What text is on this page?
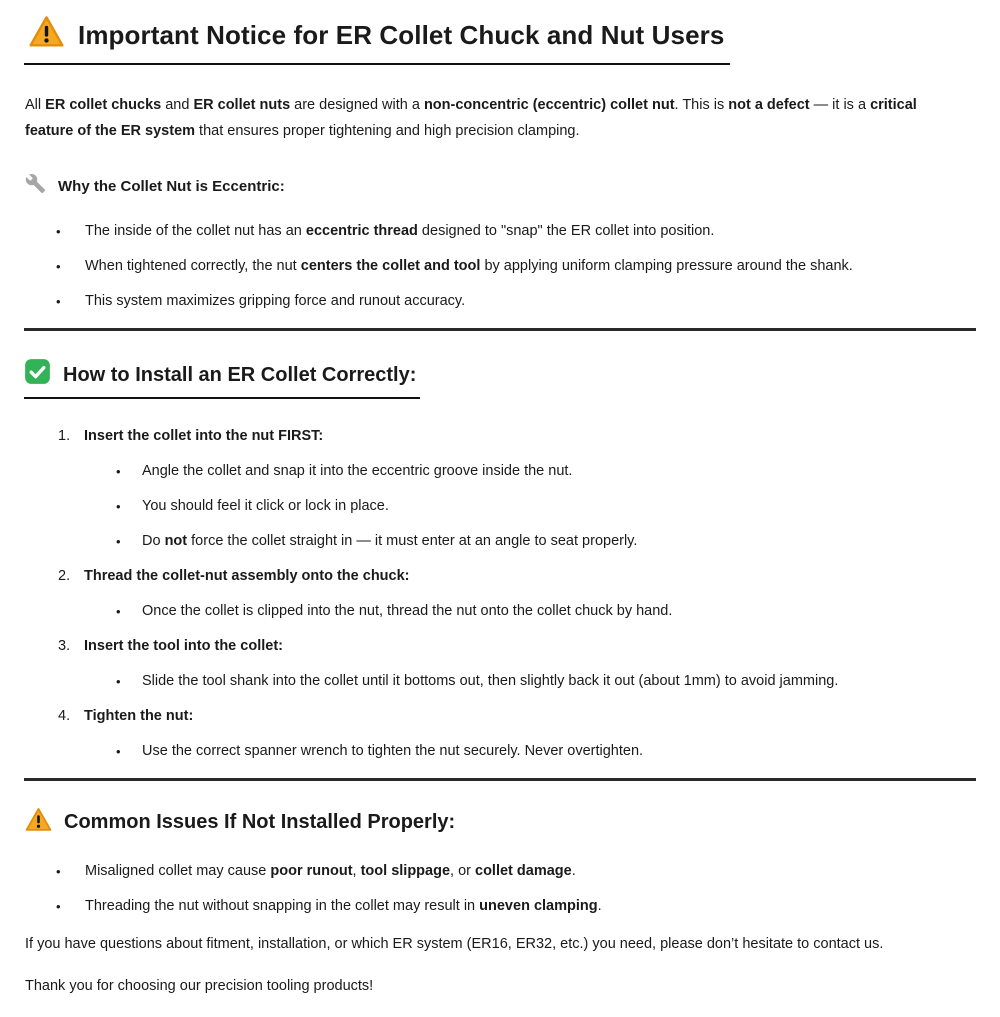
Important Notice for ER Collet Chuck and Nut Users

All ER collet chucks and ER collet nuts are designed with a non-concentric (eccentric) collet nut. This is not a defect — it is a critical feature of the ER system that ensures proper tightening and high precision clamping.

Why the Collet Nut is Eccentric:
•	The inside of the collet nut has an eccentric thread designed to "snap" the ER collet into position.
•	When tightened correctly, the nut centers the collet and tool by applying uniform clamping pressure around the shank.
•	This system maximizes gripping force and runout accuracy.
How to Install an ER Collet Correctly:
1. Insert the collet into the nut FIRST:
•	Angle the collet and snap it into the eccentric groove inside the nut.
•	You should feel it click or lock in place.
•	Do not force the collet straight in — it must enter at an angle to seat properly.
2. Thread the collet-nut assembly onto the chuck:
•	Once the collet is clipped into the nut, thread the nut onto the collet chuck by hand.
3. Insert the tool into the collet:
•	Slide the tool shank into the collet until it bottoms out, then slightly back it out (about 1mm) to avoid jamming.
4. Tighten the nut:
•	Use the correct spanner wrench to tighten the nut securely. Never overtighten.
Common Issues If Not Installed Properly:
•	Misaligned collet may cause poor runout, tool slippage, or collet damage.
•	Threading the nut without snapping in the collet may result in uneven clamping.

If you have questions about fitment, installation, or which ER system (ER16, ER32, etc.) you need, please don’t hesitate to contact us.

Thank you for choosing our precision tooling products!
